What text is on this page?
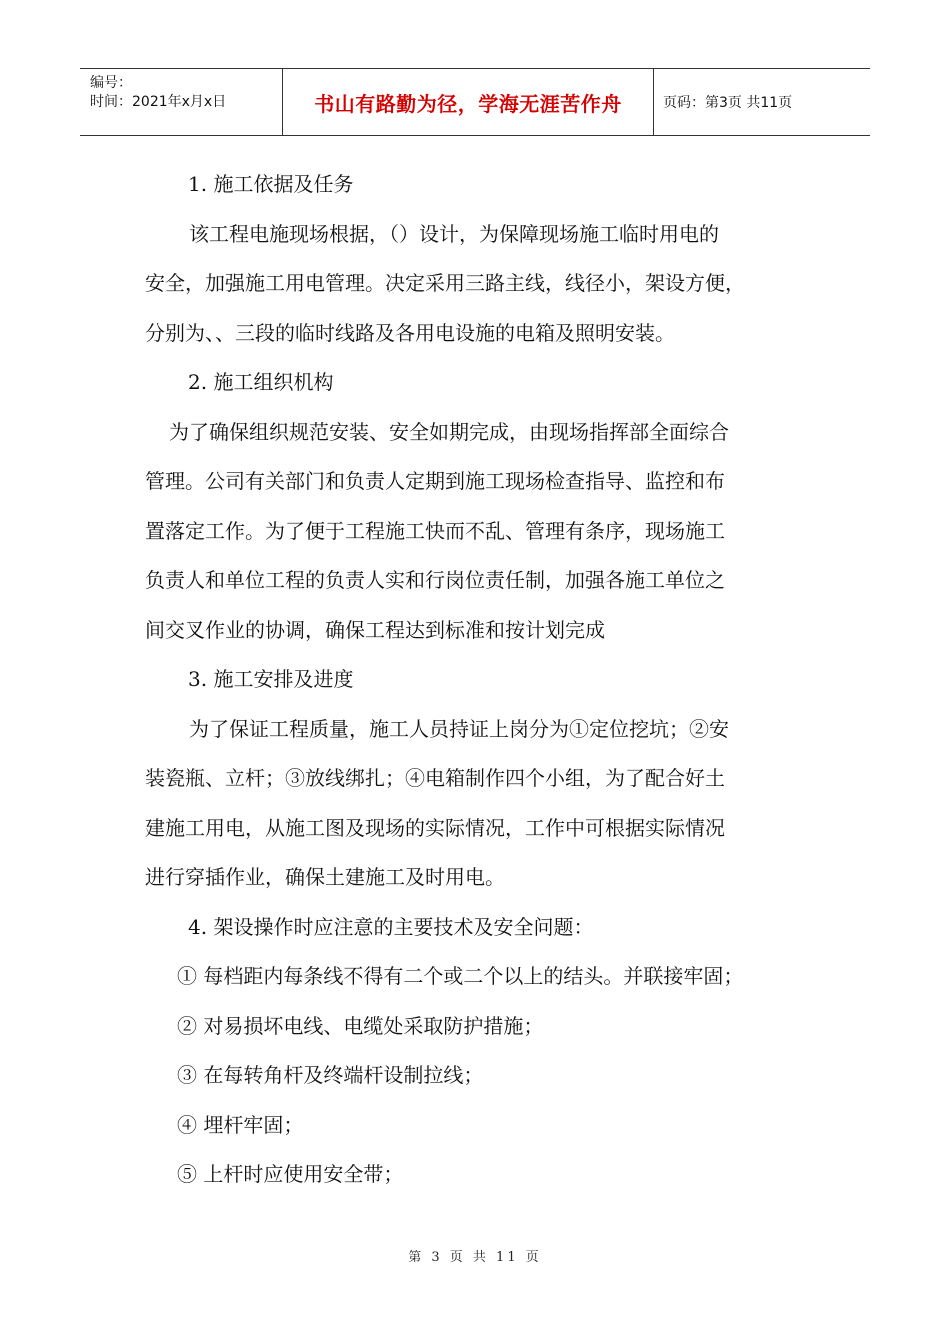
编号：
时间：2021年x月x日	书山有路勤为径，学海无涯苦作舟	页码：第3页 共11页

1. 施工依据及任务

该工程电施现场根据，（）设计，为保障现场施工临时用电的

安全，加强施工用电管理。决定采用三路主线，线径小，架设方便，

分别为、、三段的临时线路及各用电设施的电箱及照明安装。

2. 施工组织机构

为了确保组织规范安装、安全如期完成，由现场指挥部全面综合

管理。公司有关部门和负责人定期到施工现场检查指导、监控和布

置落定工作。为了便于工程施工快而不乱、管理有条序，现场施工

负责人和单位工程的负责人实和行岗位责任制，加强各施工单位之

间交叉作业的协调，确保工程达到标准和按计划完成

3. 施工安排及进度

为了保证工程质量，施工人员持证上岗分为①定位挖坑；②安

装瓷瓶、立杆；③放线绑扎；④电箱制作四个小组，为了配合好土

建施工用电，从施工图及现场的实际情况，工作中可根据实际情况

进行穿插作业，确保土建施工及时用电。

4. 架设操作时应注意的主要技术及安全问题：

① 每档距内每条线不得有二个或二个以上的结头。并联接牢固；

② 对易损坏电线、电缆处采取防护措施；

③ 在每转角杆及终端杆设制拉线；

④ 埋杆牢固；

⑤ 上杆时应使用安全带；

第 3 页 共 11 页
